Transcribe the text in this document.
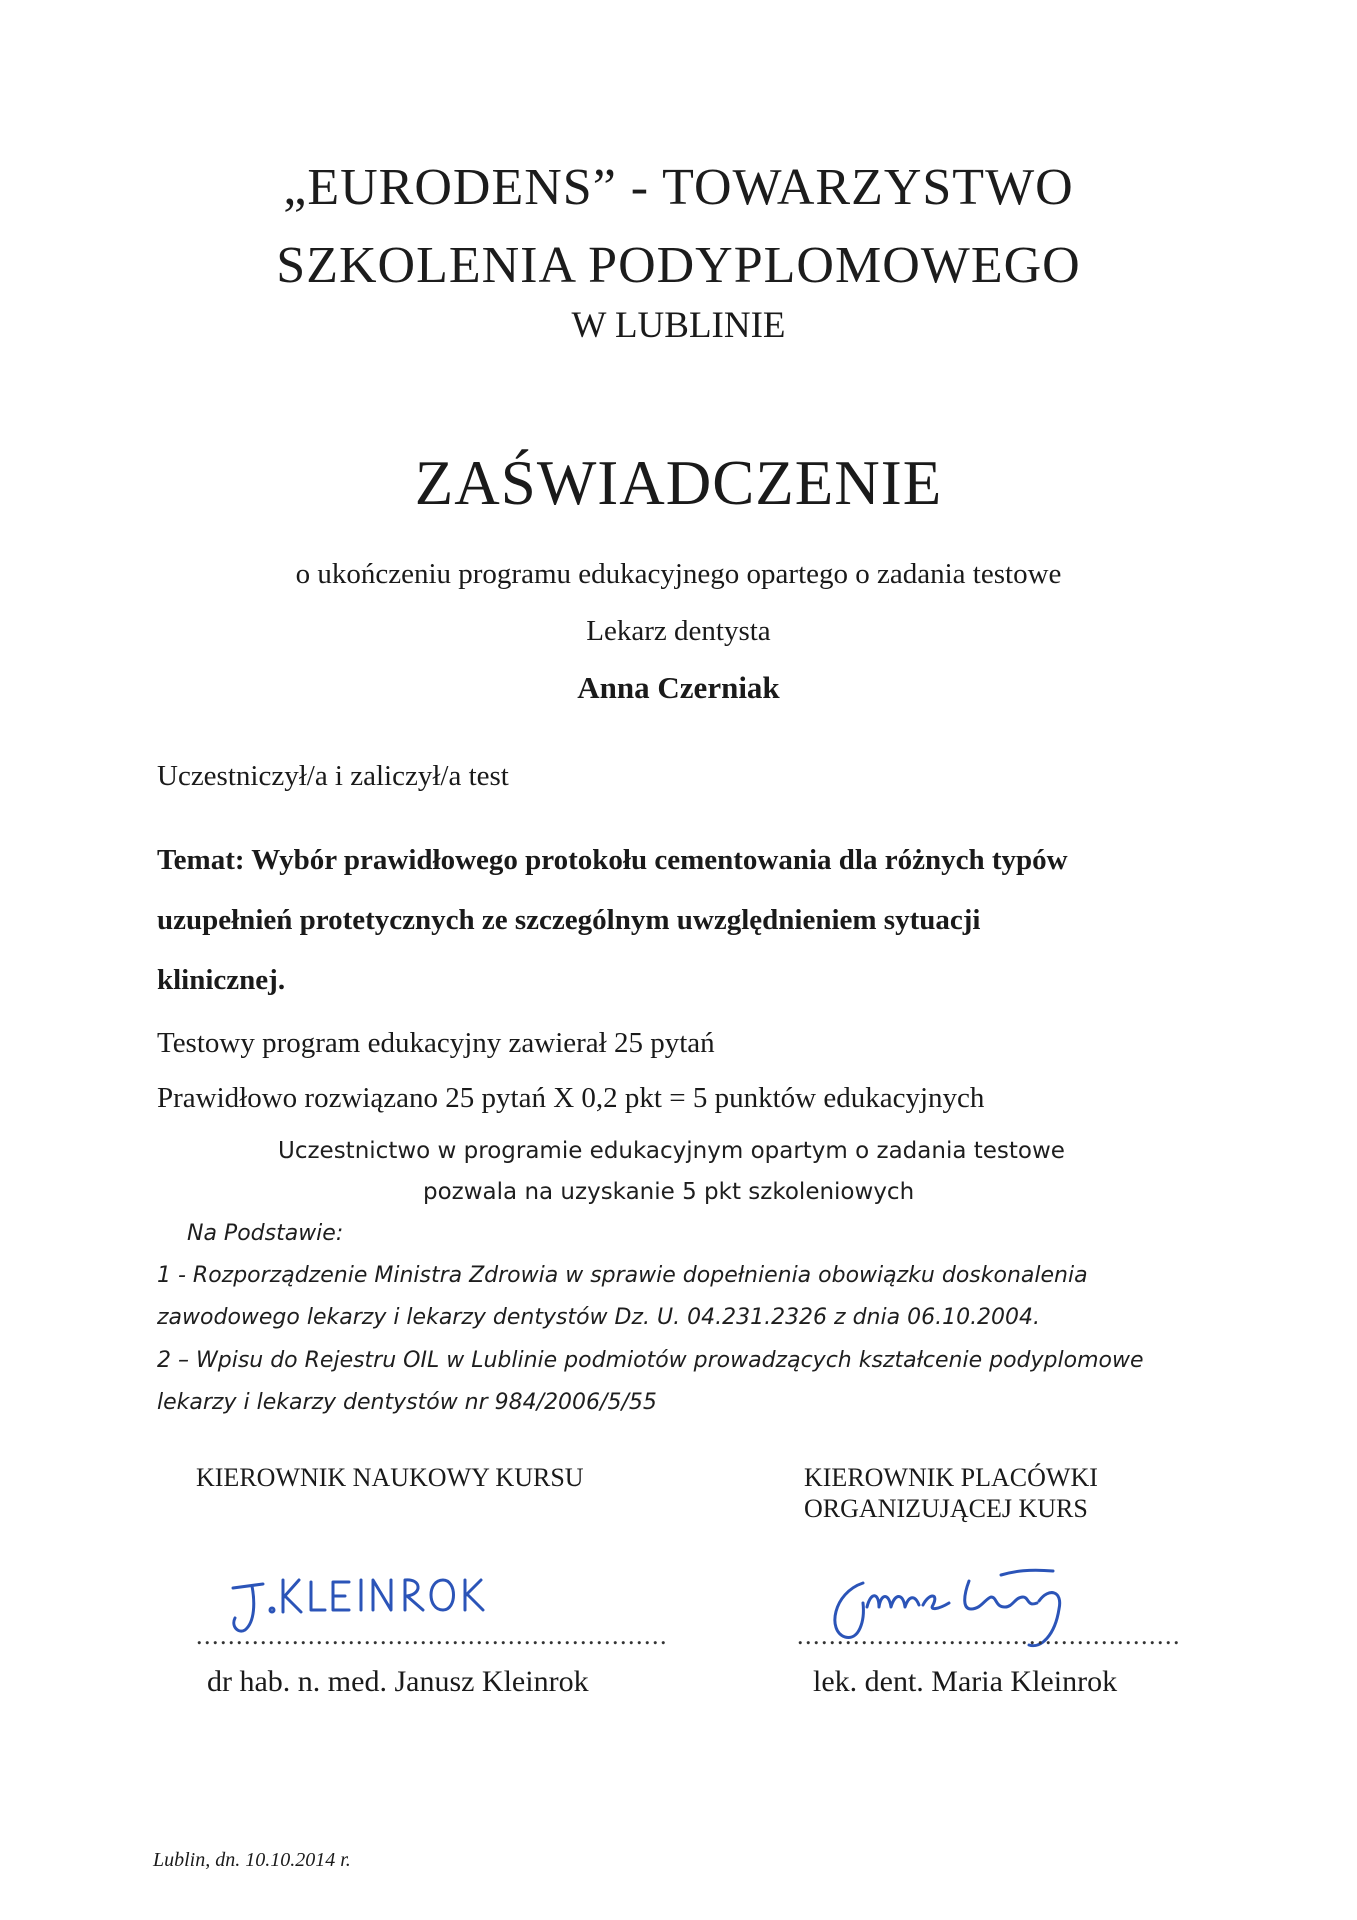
„EURODENS” - TOWARZYSTWO
SZKOLENIA PODYPLOMOWEGO
W LUBLINIE
ZAŚWIADCZENIE
o ukończeniu programu edukacyjnego opartego o zadania testowe
Lekarz dentysta
Anna Czerniak
Uczestniczył/a i zaliczył/a test
Temat: Wybór prawidłowego protokołu cementowania dla różnych typów
uzupełnień protetycznych ze szczególnym uwzględnieniem sytuacji
klinicznej.
Testowy program edukacyjny zawierał 25 pytań
Prawidłowo rozwiązano 25 pytań X 0,2 pkt = 5 punktów edukacyjnych
Uczestnictwo w programie edukacyjnym opartym o zadania testowe
pozwala na uzyskanie 5 pkt szkoleniowych
Na Podstawie:
1 - Rozporządzenie Ministra Zdrowia w sprawie dopełnienia obowiązku doskonalenia
zawodowego lekarzy i lekarzy dentystów Dz. U. 04.231.2326 z dnia 06.10.2004.
2 – Wpisu do Rejestru OIL w Lublinie podmiotów prowadzących kształcenie podyplomowe
lekarzy i lekarzy dentystów nr 984/2006/5/55
KIEROWNIK NAUKOWY KURSU
...........................................................
dr hab. n. med. Janusz Kleinrok
KIEROWNIK PLACÓWKI
ORGANIZUJĄCEJ KURS
................................................
lek. dent. Maria Kleinrok
Lublin, dn. 10.10.2014 r.
